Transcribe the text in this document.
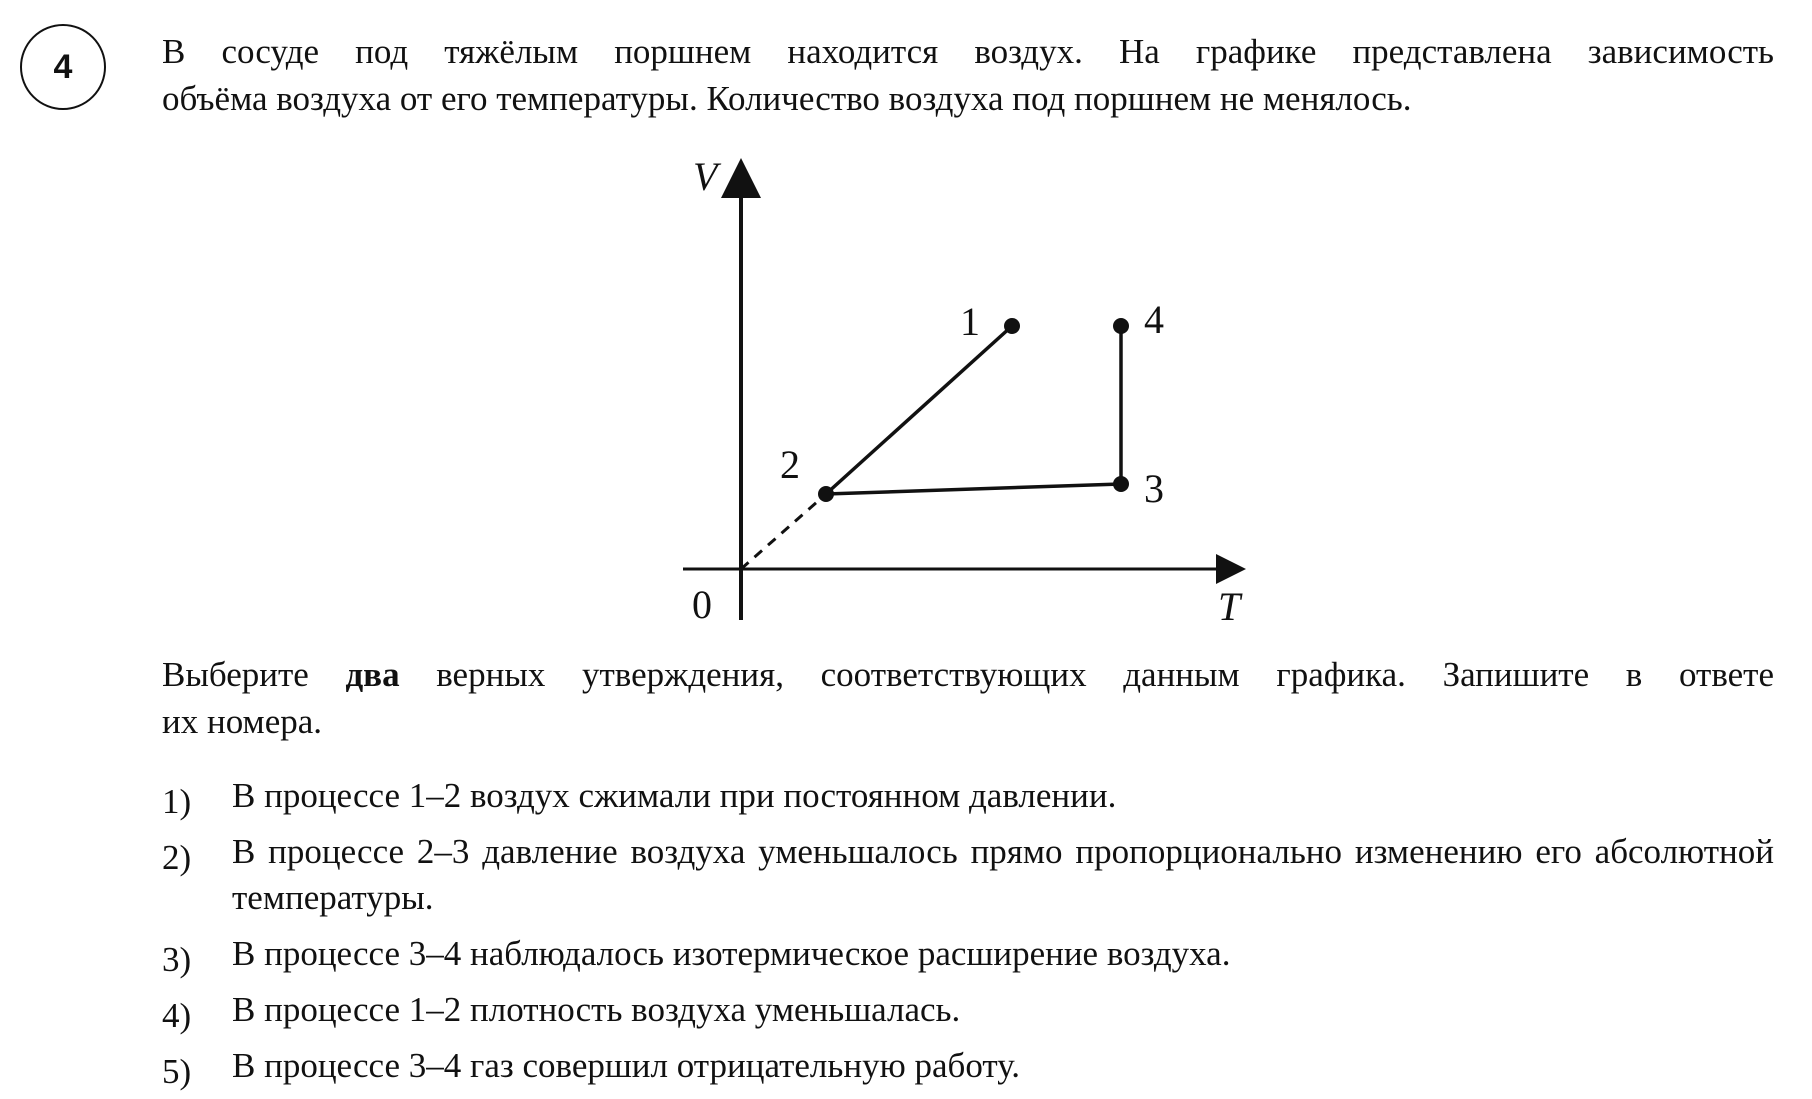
4	В сосуде под тяжёлым поршнем находится воздух. На графике представлена зависимость
объёма воздуха от его температуры. Количество воздуха под поршнем не менялось.
V
T
0
1
2
3
4
Выберите два верных утверждения, соответствующих данным графика. Запишите в ответе
их номера.
1) В процессе 1–2 воздух сжимали при постоянном давлении.
2) В процессе 2–3 давление воздуха уменьшалось прямо пропорционально изменению его абсолютной температуры.
3) В процессе 3–4 наблюдалось изотермическое расширение воздуха.
4) В процессе 1–2 плотность воздуха уменьшалась.
5) В процессе 3–4 газ совершил отрицательную работу.
